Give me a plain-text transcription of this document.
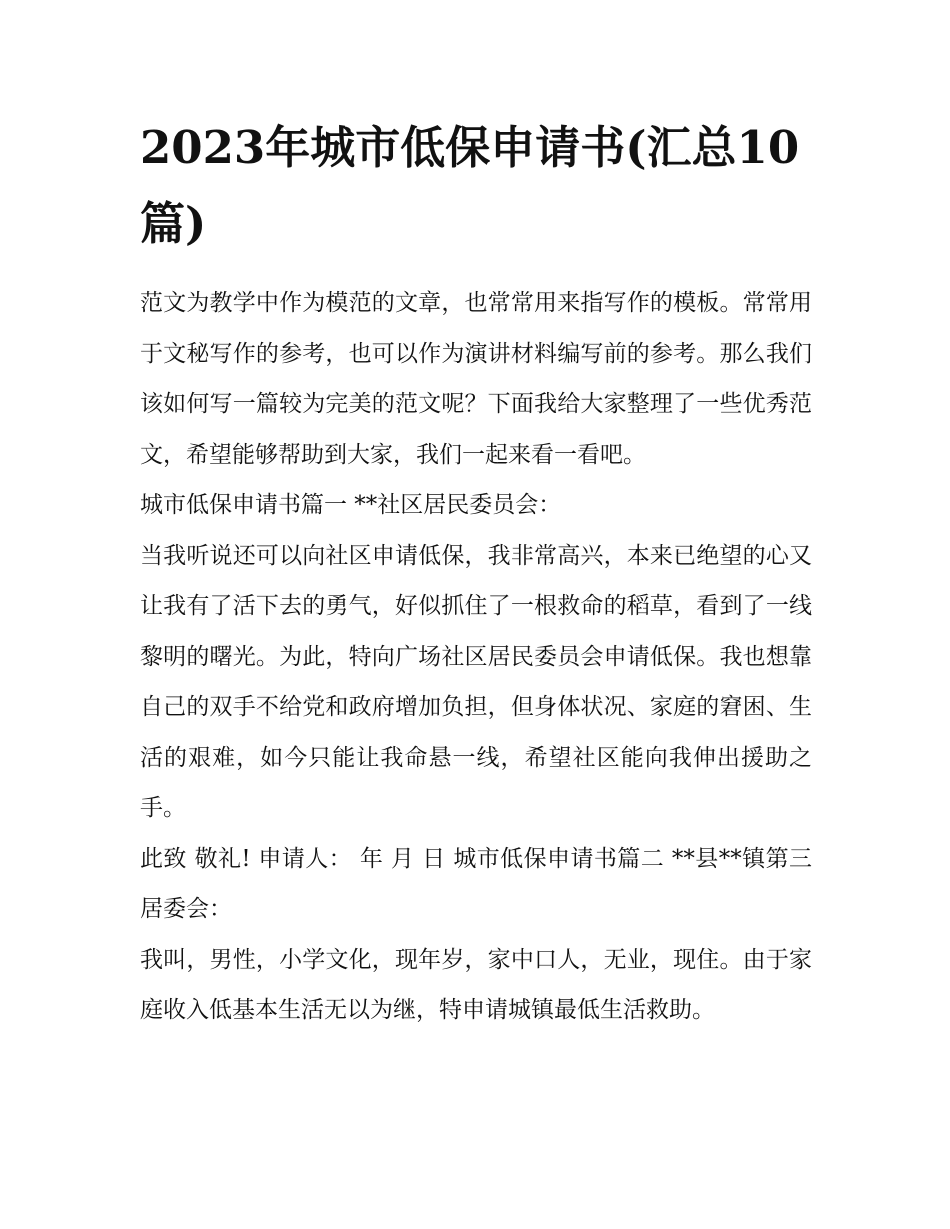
2023年城市低保申请书(汇总10篇)

范文为教学中作为模范的文章，也常常用来指写作的模板。常常用于文秘写作的参考，也可以作为演讲材料编写前的参考。那么我们该如何写一篇较为完美的范文呢？下面我给大家整理了一些优秀范文，希望能够帮助到大家，我们一起来看一看吧。

城市低保申请书篇一 **社区居民委员会：

当我听说还可以向社区申请低保，我非常高兴，本来已绝望的心又让我有了活下去的勇气，好似抓住了一根救命的稻草，看到了一线黎明的曙光。为此，特向广场社区居民委员会申请低保。我也想靠自己的双手不给党和政府增加负担，但身体状况、家庭的窘困、生活的艰难，如今只能让我命悬一线，希望社区能向我伸出援助之手。

此致 敬礼! 申请人： 年 月 日 城市低保申请书篇二 **县**镇第三居委会：

我叫，男性，小学文化，现年岁，家中口人，无业，现住。由于家庭收入低基本生活无以为继，特申请城镇最低生活救助。
